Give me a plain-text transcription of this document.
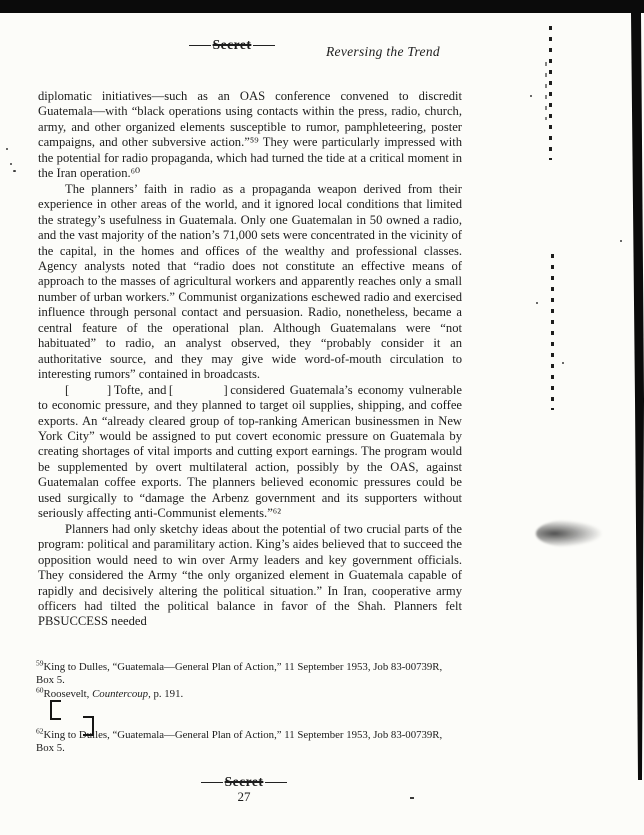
Secret	Reversing the Trend

diplomatic initiatives—such as an OAS conference convened to discredit Guatemala—with “black operations using contacts within the press, radio, church, army, and other organized elements susceptible to rumor, pamphleteering, poster campaigns, and other subversive action.”⁵⁹ They were particularly impressed with the potential for radio propaganda, which had turned the tide at a critical moment in the Iran operation.⁶⁰

The planners’ faith in radio as a propaganda weapon derived from their experience in other areas of the world, and it ignored local conditions that limited the strategy’s usefulness in Guatemala. Only one Guatemalan in 50 owned a radio, and the vast majority of the nation’s 71,000 sets were concentrated in the vicinity of the capital, in the homes and offices of the wealthy and professional classes. Agency analysts noted that “radio does not constitute an effective means of approach to the masses of agricultural workers and apparently reaches only a small number of urban workers.” Communist organizations eschewed radio and exercised influence through personal contact and persuasion. Radio, nonetheless, became a central feature of the operational plan. Although Guatemalans were “not habituated” to radio, an analyst observed, they “probably consider it an authoritative source, and they may give wide word-of-mouth circulation to interesting rumors” contained in broadcasts.

[   ] Tofte, and [    ] considered Guatemala’s economy vulnerable to economic pressure, and they planned to target oil supplies, shipping, and coffee exports. An “already cleared group of top-ranking American businessmen in New York City” would be assigned to put covert economic pressure on Guatemala by creating shortages of vital imports and cutting export earnings. The program would be supplemented by overt multilateral action, possibly by the OAS, against Guatemalan coffee exports. The planners believed economic pressures could be used surgically to “damage the Arbenz government and its supporters without seriously affecting anti-Communist elements.”⁶²

Planners had only sketchy ideas about the potential of two crucial parts of the program: political and paramilitary action. King’s aides believed that to succeed the opposition would need to win over Army leaders and key government officials. They considered the Army “the only organized element in Guatemala capable of rapidly and decisively altering the political situation.” In Iran, cooperative army officers had tilted the political balance in favor of the Shah. Planners felt PBSUCCESS needed

$^{59}$King to Dulles, “Guatemala—General Plan of Action,” 11 September 1953, Job 83-00739R, Box 5.

$^{60}$Roosevelt, Countercoup, p. 191.

$^{62}$King to Dulles, “Guatemala—General Plan of Action,” 11 September 1953, Job 83-00739R, Box 5.

Secret
27
